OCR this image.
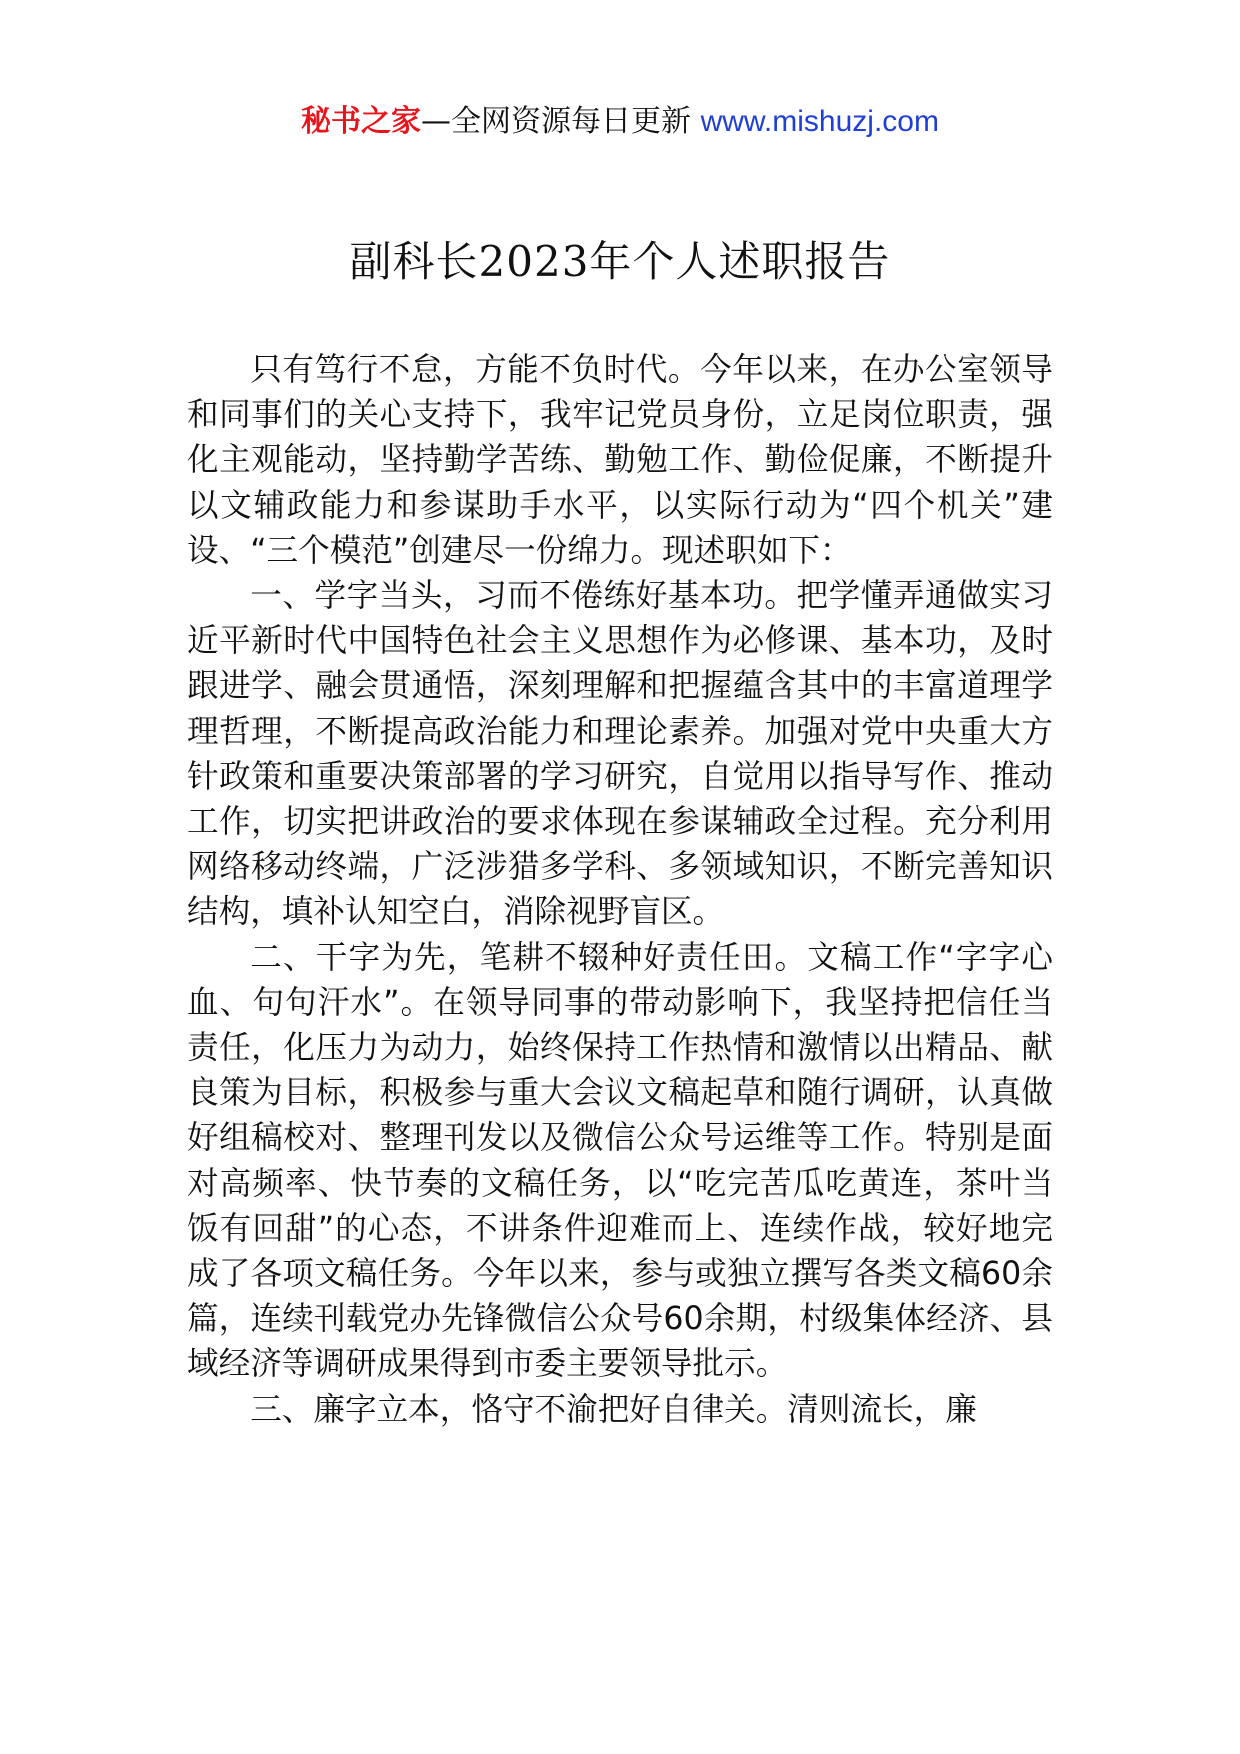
秘书之家—全网资源每日更新 www.mishuzj.com
副科长2023年个人述职报告

只有笃行不怠，方能不负时代。今年以来，在办公室领导和同事们的关心支持下，我牢记党员身份，立足岗位职责，强化主观能动，坚持勤学苦练、勤勉工作、勤俭促廉，不断提升以文辅政能力和参谋助手水平，以实际行动为“四个机关”建设、“三个模范”创建尽一份绵力。现述职如下：

一、学字当头，习而不倦练好基本功。把学懂弄通做实习近平新时代中国特色社会主义思想作为必修课、基本功，及时跟进学、融会贯通悟，深刻理解和把握蕴含其中的丰富道理学理哲理，不断提高政治能力和理论素养。加强对党中央重大方针政策和重要决策部署的学习研究，自觉用以指导写作、推动工作，切实把讲政治的要求体现在参谋辅政全过程。充分利用网络移动终端，广泛涉猎多学科、多领域知识，不断完善知识结构，填补认知空白，消除视野盲区。

二、干字为先，笔耕不辍种好责任田。文稿工作“字字心血、句句汗水”。在领导同事的带动影响下，我坚持把信任当责任，化压力为动力，始终保持工作热情和激情以出精品、献良策为目标，积极参与重大会议文稿起草和随行调研，认真做好组稿校对、整理刊发以及微信公众号运维等工作。特别是面对高频率、快节奏的文稿任务，以“吃完苦瓜吃黄连，茶叶当饭有回甜”的心态，不讲条件迎难而上、连续作战，较好地完成了各项文稿任务。今年以来，参与或独立撰写各类文稿60余篇，连续刊载党办先锋微信公众号60余期，村级集体经济、县域经济等调研成果得到市委主要领导批示。

三、廉字立本，恪守不渝把好自律关。清则流长，廉
